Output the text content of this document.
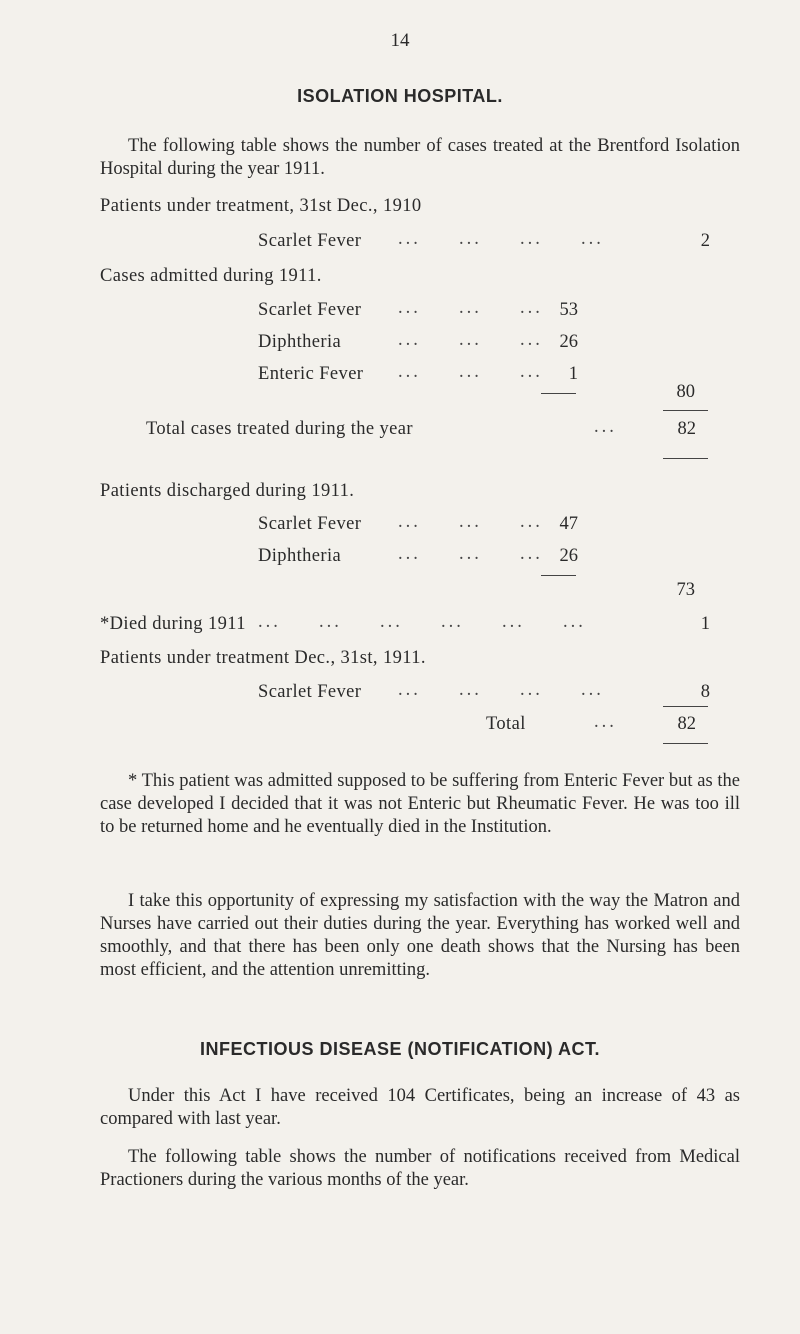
14
ISOLATION HOSPITAL.
The following table shows the number of cases treated at the Brentford Isolation Hospital during the year 1911.
Patients under treatment, 31st Dec., 1910
Scarlet Fever ...     ...     ...     ...	2
Cases admitted during 1911.
Scarlet Fever ...     ...     ... 53
Diphtheria	...     ...     ... 26
Enteric Fever ...     ...     ...	1
80
Total cases treated during the year	...	82
Patients discharged during 1911.
Scarlet Fever ...     ...     ... 47
Diphtheria	...     ...     ... 26
73
*Died during 1911 ...     ...     ...     ...     ...     ...	1
Patients under treatment Dec., 31st, 1911.
Scarlet Fever ...     ...     ...     ...	8
Total	...	82
* This patient was admitted supposed to be suffering from Enteric Fever but as the case developed I decided that it was not Enteric but Rheumatic Fever. He was too ill to be returned home and he eventually died in the Institution.
I take this opportunity of expressing my satisfaction with the way the Matron and Nurses have carried out their duties during the year. Everything has worked well and smoothly, and that there has been only one death shows that the Nursing has been most efficient, and the attention unremitting.
INFECTIOUS DISEASE (NOTIFICATION) ACT.
Under this Act I have received 104 Certificates, being an increase of 43 as compared with last year.
The following table shows the number of notifications received from Medical Practioners during the various months of the year.
